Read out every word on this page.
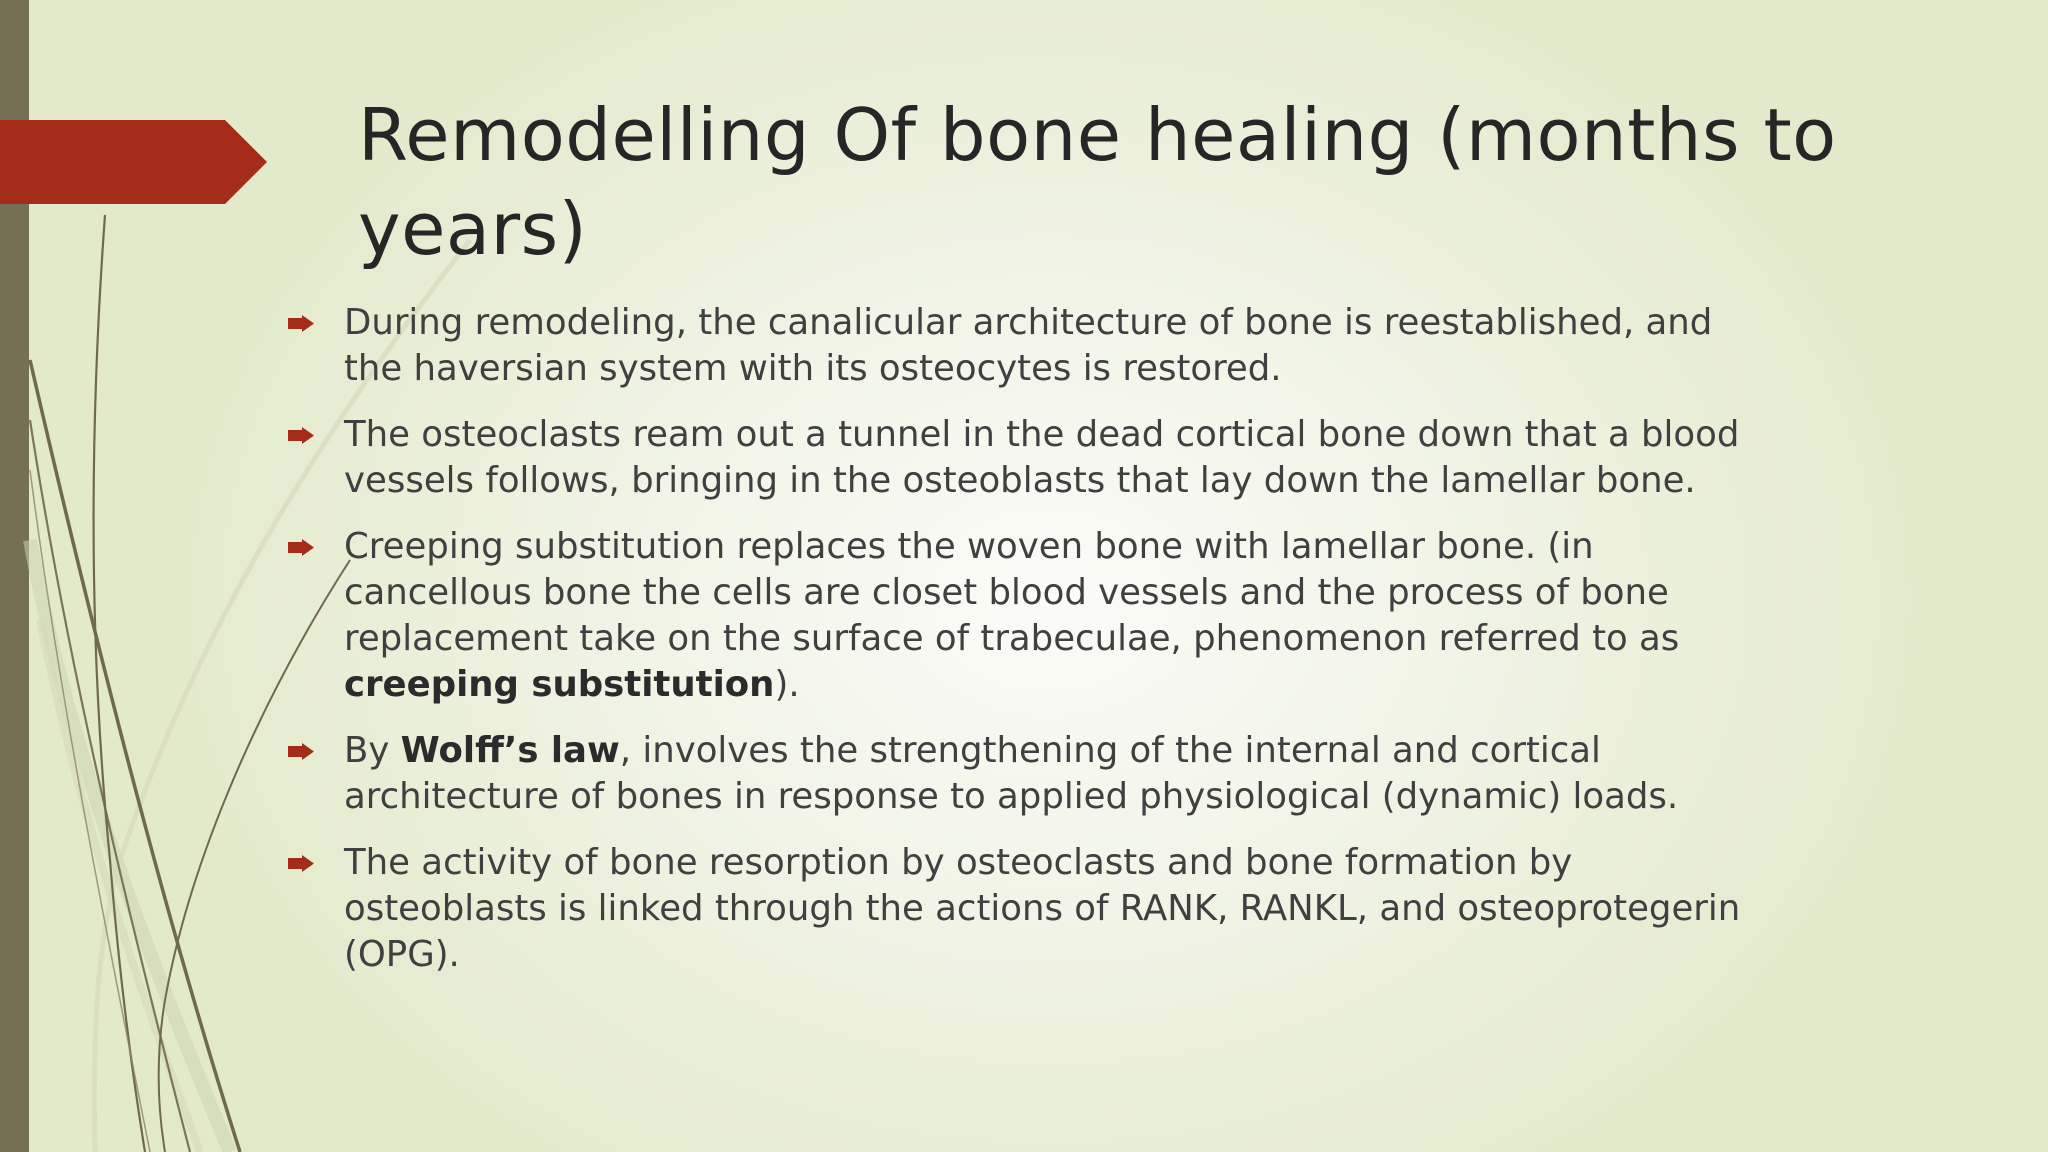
Remodelling Of bone healing (months to years)
During remodeling, the canalicular architecture of bone is reestablished, and the haversian system with its osteocytes is restored.
The osteoclasts ream out a tunnel in the dead cortical bone down that a blood vessels follows, bringing in the osteoblasts that lay down the lamellar bone.
Creeping substitution replaces the woven bone with lamellar bone. (in cancellous bone the cells are closet blood vessels and the process of bone replacement take on the surface of trabeculae, phenomenon referred to as creeping substitution).
By Wolff’s law, involves the strengthening of the internal and cortical architecture of bones in response to applied physiological (dynamic) loads.
The activity of bone resorption by osteoclasts and bone formation by osteoblasts is linked through the actions of RANK, RANKL, and osteoprotegerin (OPG).
